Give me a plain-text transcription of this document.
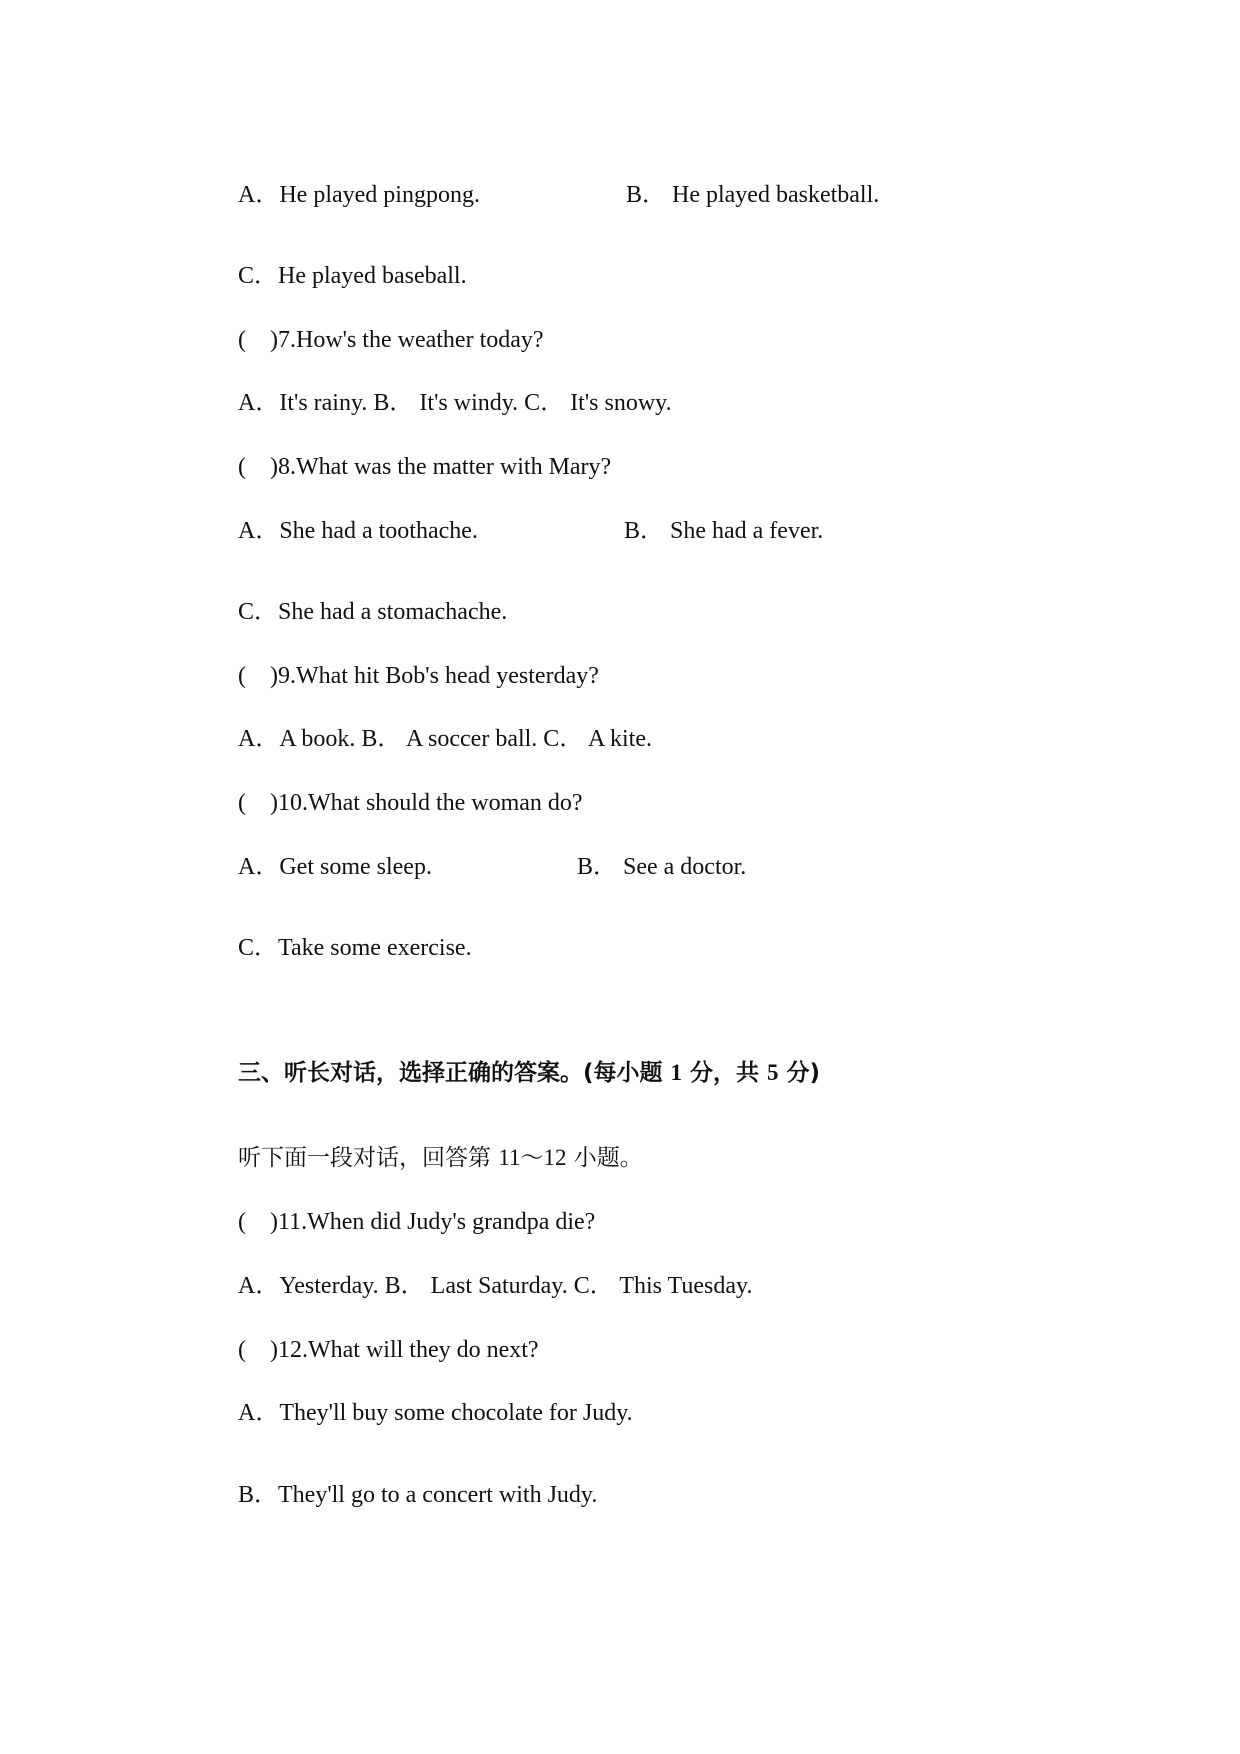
A．He played pingpong.	B． He played basketball.
C．He played baseball.
(　)7.How's the weather today?
A．It's rainy. B． It's windy. C． It's snowy.
(　)8.What was the matter with Mary?
A．She had a toothache.	B． She had a fever.
C．She had a stomachache.
(　)9.What hit Bob's head yesterday?
A．A book. B． A soccer ball. C． A kite.
(　)10.What should the woman do?
A．Get some sleep.	B． See a doctor.
C．Take some exercise.
三、听长对话，选择正确的答案。(每小题 1 分，共 5 分)
听下面一段对话，回答第 11～12 小题。
(　)11.When did Judy's grandpa die?
A．Yesterday. B． Last Saturday. C． This Tuesday.
(　)12.What will they do next?
A．They'll buy some chocolate for Judy.
B．They'll go to a concert with Judy.
